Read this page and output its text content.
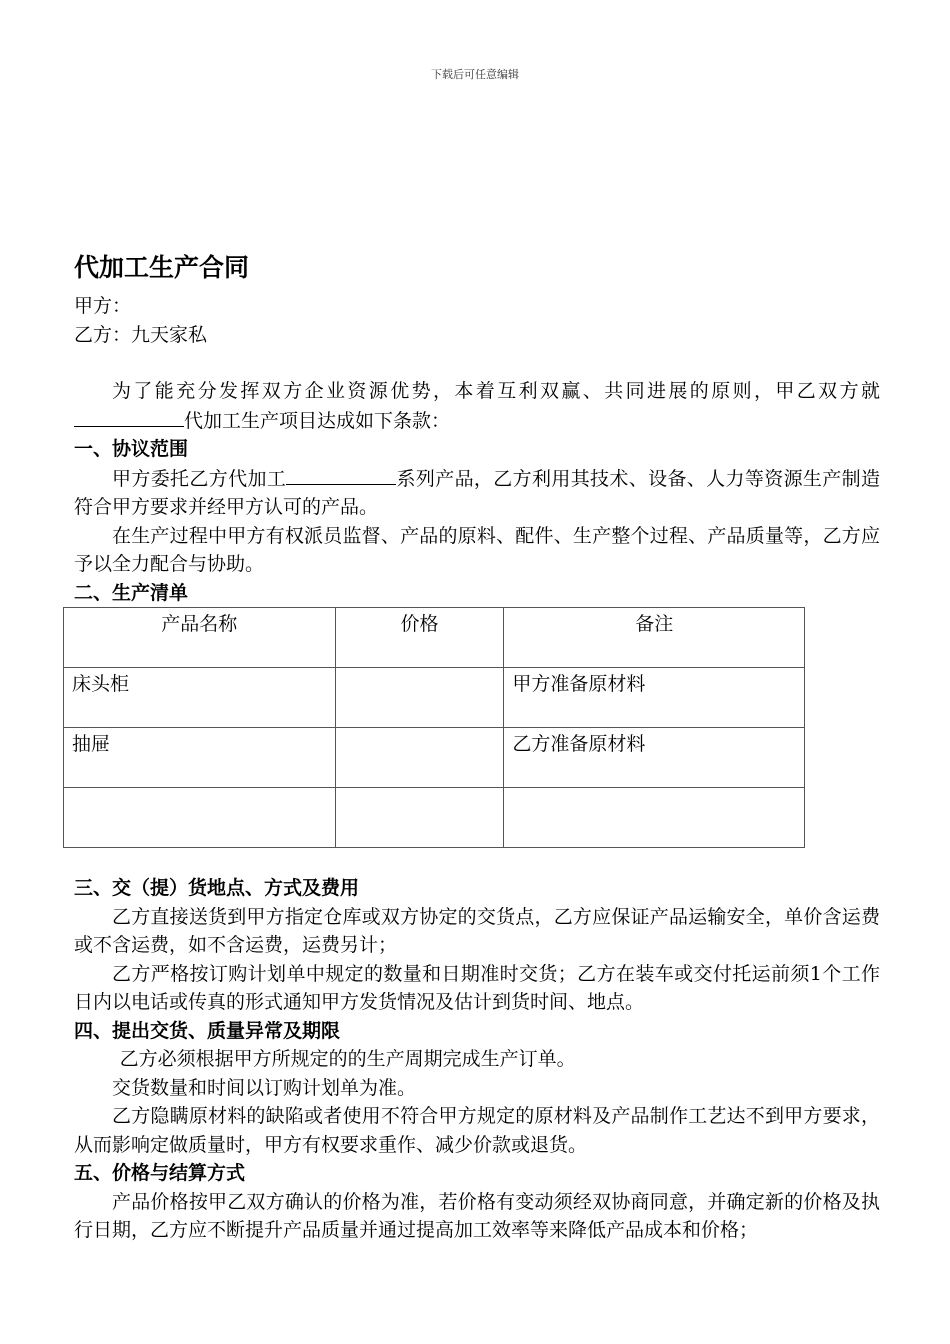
下载后可任意编辑
代加工生产合同

甲方：

乙方：九天家私

为了能充分发挥双方企业资源优势，本着互利双赢、共同进展的原则，甲乙双方就代加工生产项目达成如下条款：

一、协议范围

甲方委托乙方代加工	系列产品，乙方利用其技术、设备、人力等资源生产制造符合甲方要求并经甲方认可的产品。

在生产过程中甲方有权派员监督、产品的原料、配件、生产整个过程、产品质量等，乙方应予以全力配合与协助。

二、生产清单

产品名称	价格	备注
床头柜		甲方准备原材料
抽屉		乙方准备原材料

三、交（提）货地点、方式及费用

乙方直接送货到甲方指定仓库或双方协定的交货点，乙方应保证产品运输安全，单价含运费或不含运费，如不含运费，运费另计；

乙方严格按订购计划单中规定的数量和日期准时交货；乙方在装车或交付托运前须1个工作日内以电话或传真的形式通知甲方发货情况及估计到货时间、地点。

四、提出交货、质量异常及期限

乙方必须根据甲方所规定的的生产周期完成生产订单。

交货数量和时间以订购计划单为准。

乙方隐瞒原材料的缺陷或者使用不符合甲方规定的原材料及产品制作工艺达不到甲方要求，从而影响定做质量时，甲方有权要求重作、减少价款或退货。

五、价格与结算方式

产品价格按甲乙双方确认的价格为准，若价格有变动须经双协商同意，并确定新的价格及执行日期，乙方应不断提升产品质量并通过提高加工效率等来降低产品成本和价格；
